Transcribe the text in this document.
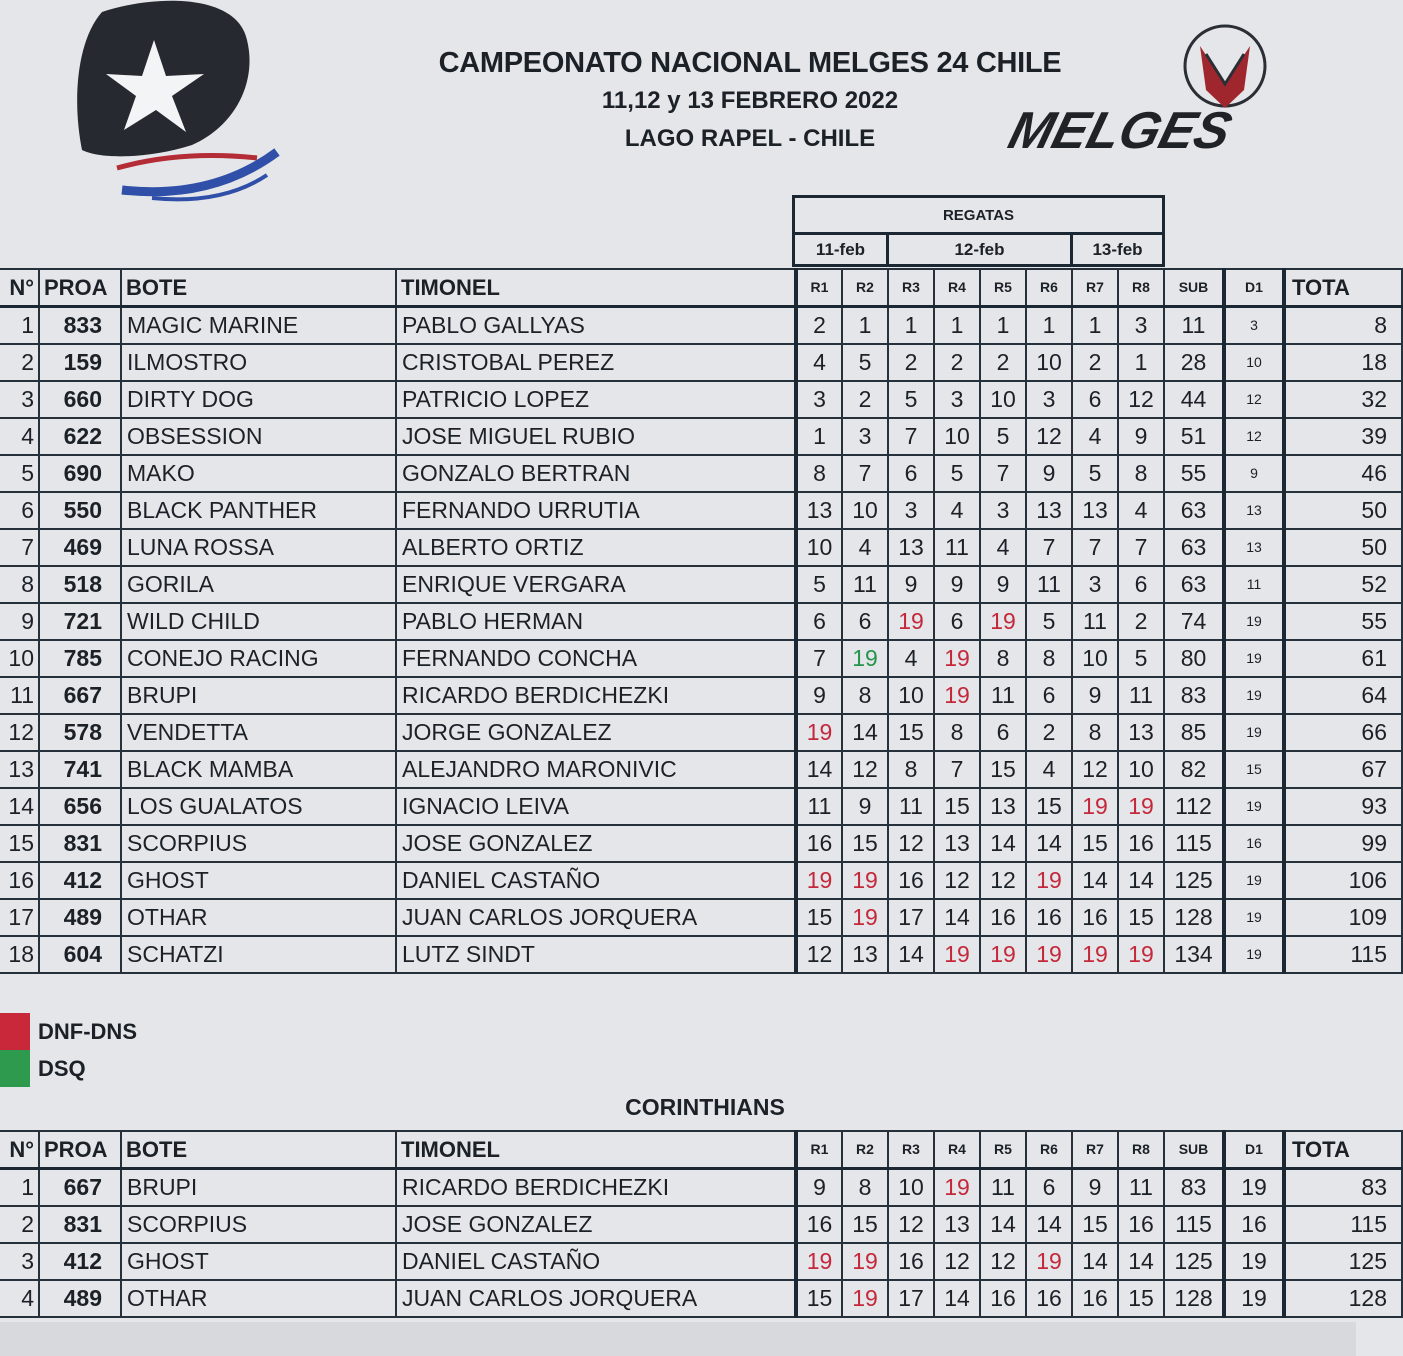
MELGES
CAMPEONATO NACIONAL MELGES 24 CHILE
11,12 y 13 FEBRERO 2022
LAGO RAPEL - CHILE
REGATAS
11-feb	12-feb	13-feb
N°	PROA	BOTE	TIMONEL	R1	R2	R3	R4	R5	R6	R7	R8	SUB	D1	TOTA
1	833	MAGIC MARINE	PABLO GALLYAS	2	1	1	1	1	1	1	3	11	3	8
2	159	ILMOSTRO	CRISTOBAL PEREZ	4	5	2	2	2	10	2	1	28	10	18
3	660	DIRTY DOG	PATRICIO LOPEZ	3	2	5	3	10	3	6	12	44	12	32
4	622	OBSESSION	JOSE MIGUEL RUBIO	1	3	7	10	5	12	4	9	51	12	39
5	690	MAKO	GONZALO BERTRAN	8	7	6	5	7	9	5	8	55	9	46
6	550	BLACK PANTHER	FERNANDO URRUTIA	13	10	3	4	3	13	13	4	63	13	50
7	469	LUNA ROSSA	ALBERTO ORTIZ	10	4	13	11	4	7	7	7	63	13	50
8	518	GORILA	ENRIQUE VERGARA	5	11	9	9	9	11	3	6	63	11	52
9	721	WILD CHILD	PABLO HERMAN	6	6	19	6	19	5	11	2	74	19	55
10	785	CONEJO RACING	FERNANDO CONCHA	7	19	4	19	8	8	10	5	80	19	61
11	667	BRUPI	RICARDO BERDICHEZKI	9	8	10	19	11	6	9	11	83	19	64
12	578	VENDETTA	JORGE GONZALEZ	19	14	15	8	6	2	8	13	85	19	66
13	741	BLACK MAMBA	ALEJANDRO MARONIVIC	14	12	8	7	15	4	12	10	82	15	67
14	656	LOS GUALATOS	IGNACIO LEIVA	11	9	11	15	13	15	19	19	112	19	93
15	831	SCORPIUS	JOSE GONZALEZ	16	15	12	13	14	14	15	16	115	16	99
16	412	GHOST	DANIEL CASTAÑO	19	19	16	12	12	19	14	14	125	19	106
17	489	OTHAR	JUAN CARLOS JORQUERA	15	19	17	14	16	16	16	15	128	19	109
18	604	SCHATZI	LUTZ SINDT	12	13	14	19	19	19	19	19	134	19	115
DNF-DNS
DSQ
CORINTHIANS
N°	PROA	BOTE	TIMONEL	R1	R2	R3	R4	R5	R6	R7	R8	SUB	D1	TOTA
1	667	BRUPI	RICARDO BERDICHEZKI	9	8	10	19	11	6	9	11	83	19	83
2	831	SCORPIUS	JOSE GONZALEZ	16	15	12	13	14	14	15	16	115	16	115
3	412	GHOST	DANIEL CASTAÑO	19	19	16	12	12	19	14	14	125	19	125
4	489	OTHAR	JUAN CARLOS JORQUERA	15	19	17	14	16	16	16	15	128	19	128
